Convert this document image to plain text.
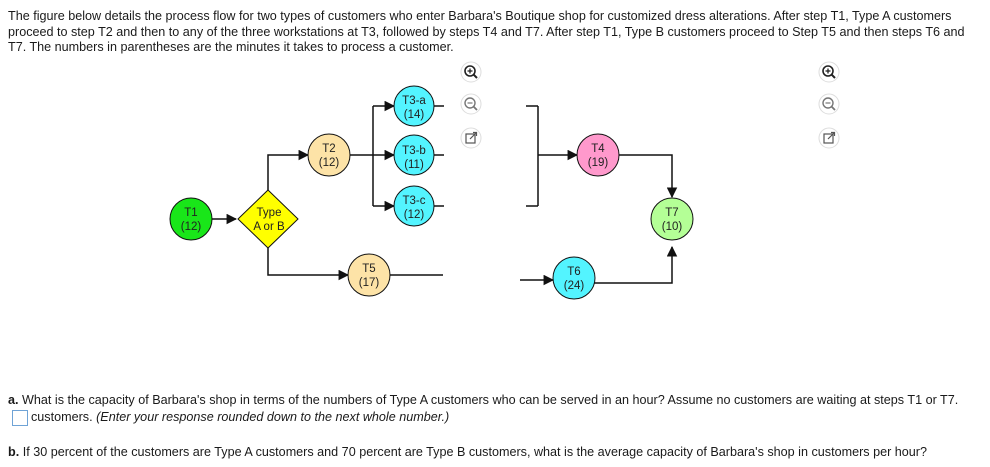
The figure below details the process flow for two types of customers who enter Barbara's Boutique shop for customized dress alterations. After step T1, Type A customers proceed to step T2 and then to any of the three workstations at T3, followed by steps T4 and T7. After step T1, Type B customers proceed to Step T5 and then steps T6 and T7. The numbers in parentheses are the minutes it takes to process a customer.

T1
(12)
Type
A or B
T2
(12)
T3-a
(14)
T3-b
(11)
T3-c
(12)
T4
(19)
T5
(17)
T6
(24)
T7
(10)

a. What is the capacity of Barbara's shop in terms of the numbers of Type A customers who can be served in an hour? Assume no customers are waiting at steps T1 or T7.customers. (Enter your response rounded down to the next whole number.)

b. If 30 percent of the customers are Type A customers and 70 percent are Type B customers, what is the average capacity of Barbara's shop in customers per hour?
